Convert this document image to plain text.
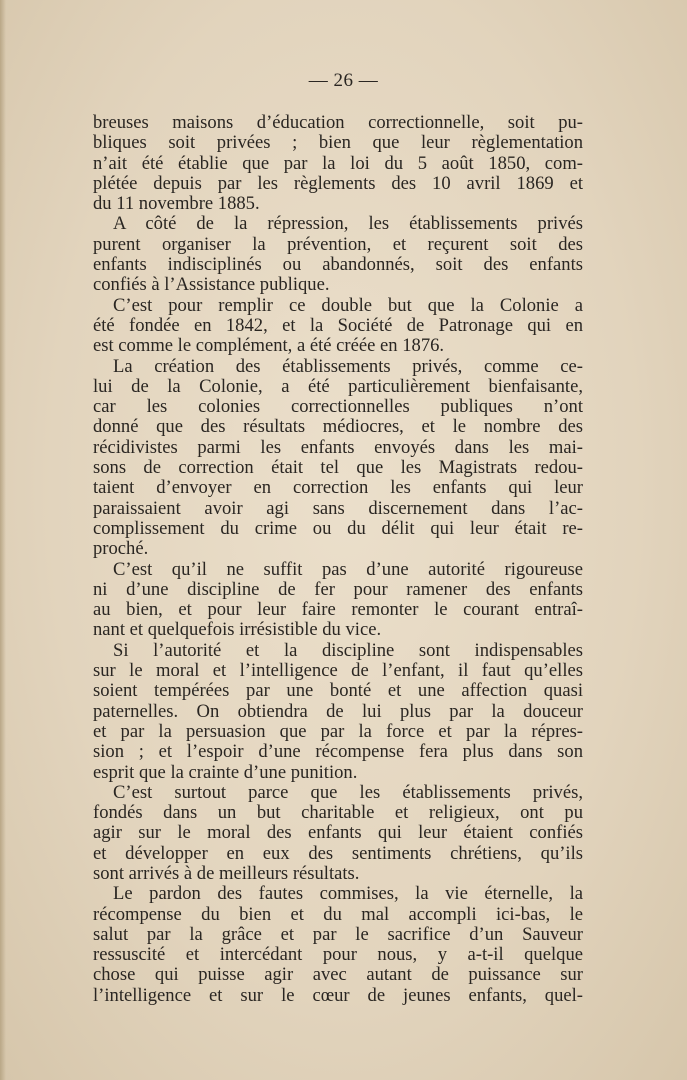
— 26 —
breuses maisons d’éducation correctionnelle, soit pu-
bliques soit privées ; bien que leur règlementation
n’ait été établie que par la loi du 5 août 1850, com-
plétée depuis par les règlements des 10 avril 1869 et
du 11 novembre 1885.
A côté de la répression, les établissements privés
purent organiser la prévention, et reçurent soit des
enfants indisciplinés ou abandonnés, soit des enfants
confiés à l’Assistance publique.
C’est pour remplir ce double but que la Colonie a
été fondée en 1842, et la Société de Patronage qui en
est comme le complément, a été créée en 1876.
La création des établissements privés, comme ce-
lui de la Colonie, a été particulièrement bienfaisante,
car les colonies correctionnelles publiques n’ont
donné que des résultats médiocres, et le nombre des
récidivistes parmi les enfants envoyés dans les mai-
sons de correction était tel que les Magistrats redou-
taient d’envoyer en correction les enfants qui leur
paraissaient avoir agi sans discernement dans l’ac-
complissement du crime ou du délit qui leur était re-
proché.
C’est qu’il ne suffit pas d’une autorité rigoureuse
ni d’une discipline de fer pour ramener des enfants
au bien, et pour leur faire remonter le courant entraî-
nant et quelquefois irrésistible du vice.
Si l’autorité et la discipline sont indispensables
sur le moral et l’intelligence de l’enfant, il faut qu’elles
soient tempérées par une bonté et une affection quasi
paternelles. On obtiendra de lui plus par la douceur
et par la persuasion que par la force et par la répres-
sion ; et l’espoir d’une récompense fera plus dans son
esprit que la crainte d’une punition.
C’est surtout parce que les établissements privés,
fondés dans un but charitable et religieux, ont pu
agir sur le moral des enfants qui leur étaient confiés
et développer en eux des sentiments chrétiens, qu’ils
sont arrivés à de meilleurs résultats.
Le pardon des fautes commises, la vie éternelle, la
récompense du bien et du mal accompli ici-bas, le
salut par la grâce et par le sacrifice d’un Sauveur
ressuscité et intercédant pour nous, y a-t-il quelque
chose qui puisse agir avec autant de puissance sur
l’intelligence et sur le cœur de jeunes enfants, quel-
